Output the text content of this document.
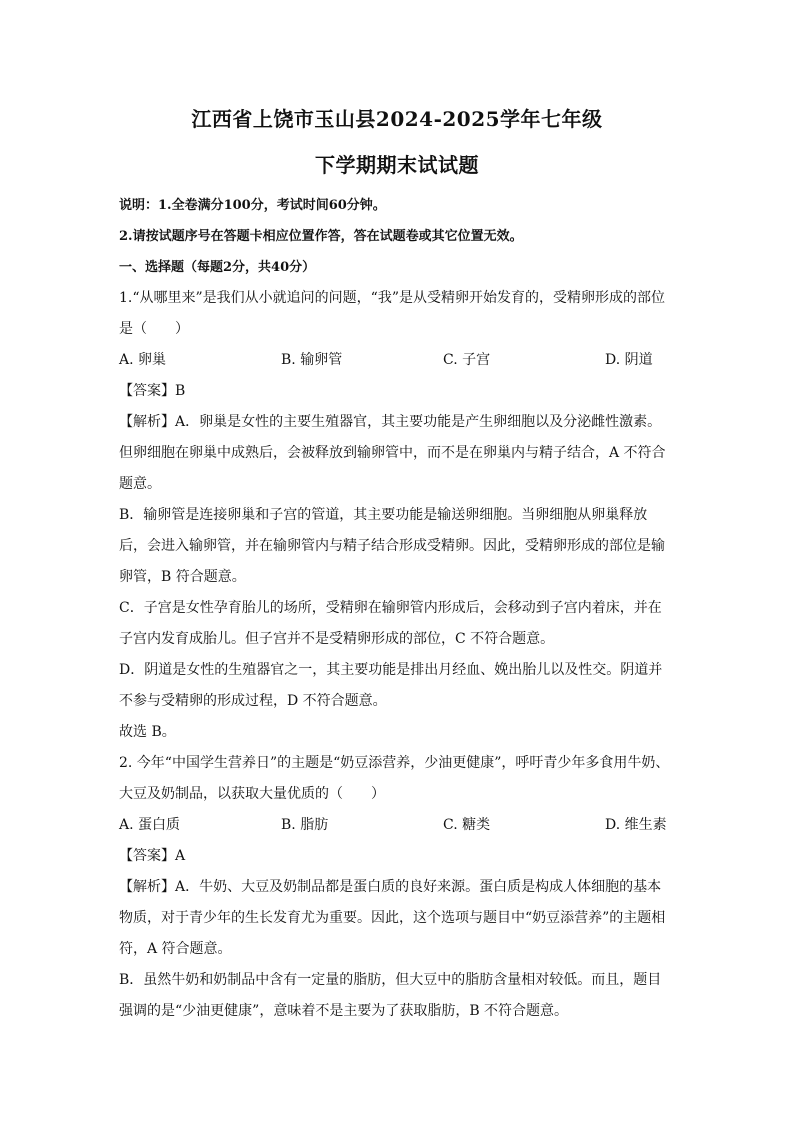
江西省上饶市玉山县2024-2025学年七年级
下学期期末试试题
说明：1.全卷满分100分，考试时间60分钟。
2.请按试题序号在答题卡相应位置作答，答在试题卷或其它位置无效。
一、选择题（每题2分，共40分）
1.“从哪里来”是我们从小就追问的问题，“我”是从受精卵开始发育的，受精卵形成的部位
是（　　）
A. 卵巢	B. 输卵管	C. 子宫	D. 阴道
【答案】B
【解析】A．卵巢是女性的主要生殖器官，其主要功能是产生卵细胞以及分泌雌性激素。
但卵细胞在卵巢中成熟后，会被释放到输卵管中，而不是在卵巢内与精子结合，A 不符合
题意。
B．输卵管是连接卵巢和子宫的管道，其主要功能是输送卵细胞。当卵细胞从卵巢释放
后，会进入输卵管，并在输卵管内与精子结合形成受精卵。因此，受精卵形成的部位是输
卵管，B 符合题意。
C．子宫是女性孕育胎儿的场所，受精卵在输卵管内形成后，会移动到子宫内着床，并在
子宫内发育成胎儿。但子宫并不是受精卵形成的部位，C 不符合题意。
D．阴道是女性的生殖器官之一，其主要功能是排出月经血、娩出胎儿以及性交。阴道并
不参与受精卵的形成过程，D 不符合题意。
故选 B。
2. 今年“中国学生营养日”的主题是“奶豆添营养，少油更健康”，呼吁青少年多食用牛奶、
大豆及奶制品，以获取大量优质的（　　）
A. 蛋白质	B. 脂肪	C. 糖类	D. 维生素
【答案】A
【解析】A．牛奶、大豆及奶制品都是蛋白质的良好来源。蛋白质是构成人体细胞的基本
物质，对于青少年的生长发育尤为重要。因此，这个选项与题目中“奶豆添营养”的主题相
符，A 符合题意。
B．虽然牛奶和奶制品中含有一定量的脂肪，但大豆中的脂肪含量相对较低。而且，题目
强调的是“少油更健康”，意味着不是主要为了获取脂肪，B 不符合题意。
